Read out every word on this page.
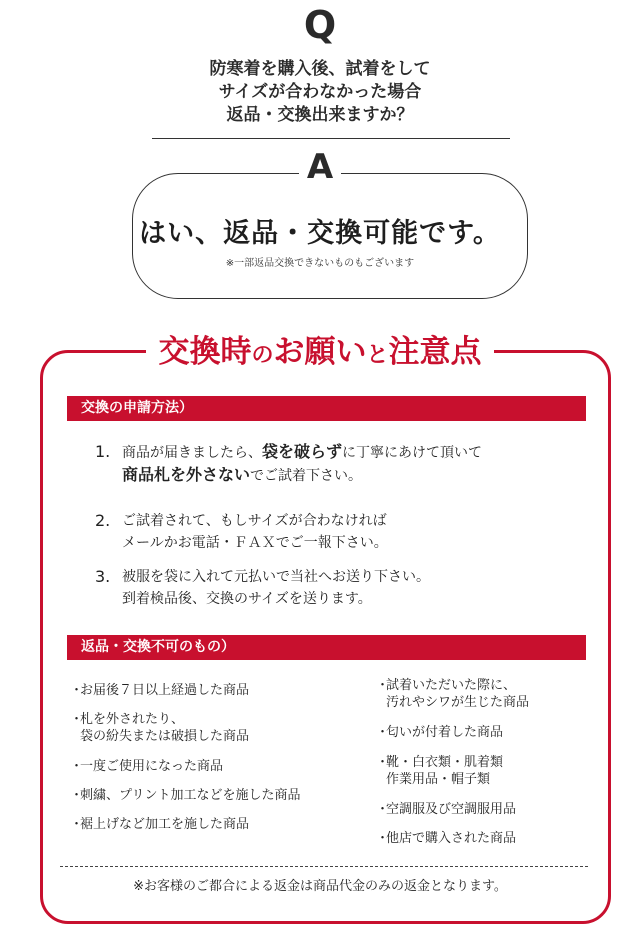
Q
防寒着を購入後、試着をして
サイズが合わなかった場合
返品・交換出来ますか？
A
はい、返品・交換可能です。
※一部返品交換できないものもございます
交換時のお願いと注意点
交換の申請方法）
1. 商品が届きましたら、袋を破らずに丁寧にあけて頂いて
商品札を外さないでご試着下さい。
2. ご試着されて、もしサイズが合わなければ
メールかお電話・ＦＡＸでご一報下さい。
3. 被服を袋に入れて元払いで当社へお送り下さい。
到着検品後、交換のサイズを送ります。
返品・交換不可のもの）
・
お届後７日以上経過した商品
・
札を外されたり、
袋の紛失または破損した商品
・
一度ご使用になった商品
・
刺繍、プリント加工などを施した商品
・
裾上げなど加工を施した商品
・
試着いただいた際に、
汚れやシワが生じた商品
・
匂いが付着した商品
・
靴・白衣類・肌着類
作業用品・帽子類
・
空調服及び空調服用品
・
他店で購入された商品
※お客様のご都合による返金は商品代金のみの返金となります。
